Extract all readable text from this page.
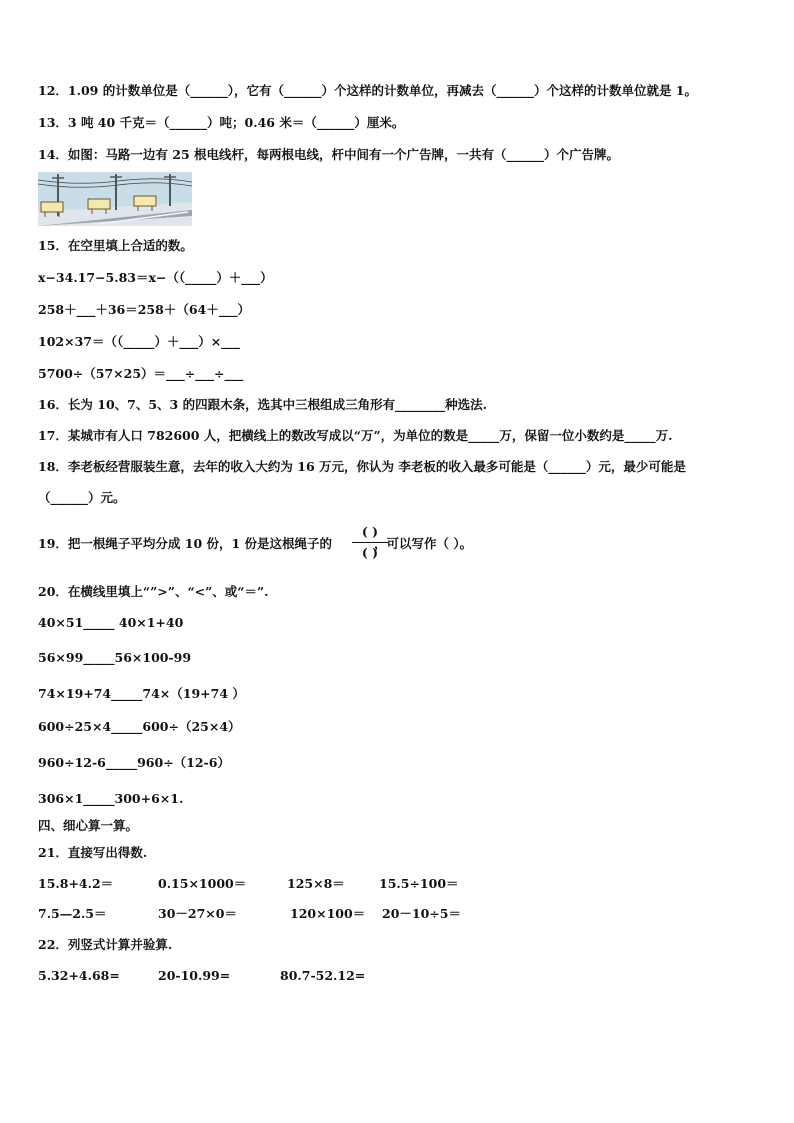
12．1.09 的计数单位是（______），它有（______）个这样的计数单位，再减去（______）个这样的计数单位就是 1。
13．3 吨 40 千克＝（______）吨；0.46 米＝（______）厘米。
14．如图：马路一边有 25 根电线杆，每两根电线，杆中间有一个广告牌，一共有（______）个广告牌。
15．在空里填上合适的数。
x−34.17−5.83＝x−（（_____）＋___）
258＋___＋36＝258＋（64＋___）
102×37＝（（_____）＋___）×___
5700÷（57×25）＝___÷___÷___
16．长为 10、7、5、3 的四跟木条，选其中三根组成三角形有________种选法.
17．某城市有人口 782600 人，把横线上的数改写成以“万”，为单位的数是_____万，保留一位小数约是_____万.
18．李老板经营服装生意，去年的收入大约为 16 万元，你认为 李老板的收入最多可能是（______）元，最少可能是
（______）元。
19．把一根绳子平均分成 10 份，1 份是这根绳子的	，可以写作（ ）。
( )
( )
20．在横线里填上“”>”、“<”、或“＝”.
40×51_____ 40×1+40
56×99_____56×100-99
74×19+74_____74×（19+74 ）
600÷25×4_____600÷（25×4）
960÷12-6_____960÷（12-6）
306×1_____300+6×1.
四、细心算一算。
21．直接写出得数.
15.8+4.2＝	0.15×1000＝	125×8＝	15.5÷100＝
7.5—2.5＝	30－27×0＝	120×100＝ 20－10÷5＝
22．列竖式计算并验算.
5.32+4.68=	20-10.99=	80.7-52.12=
